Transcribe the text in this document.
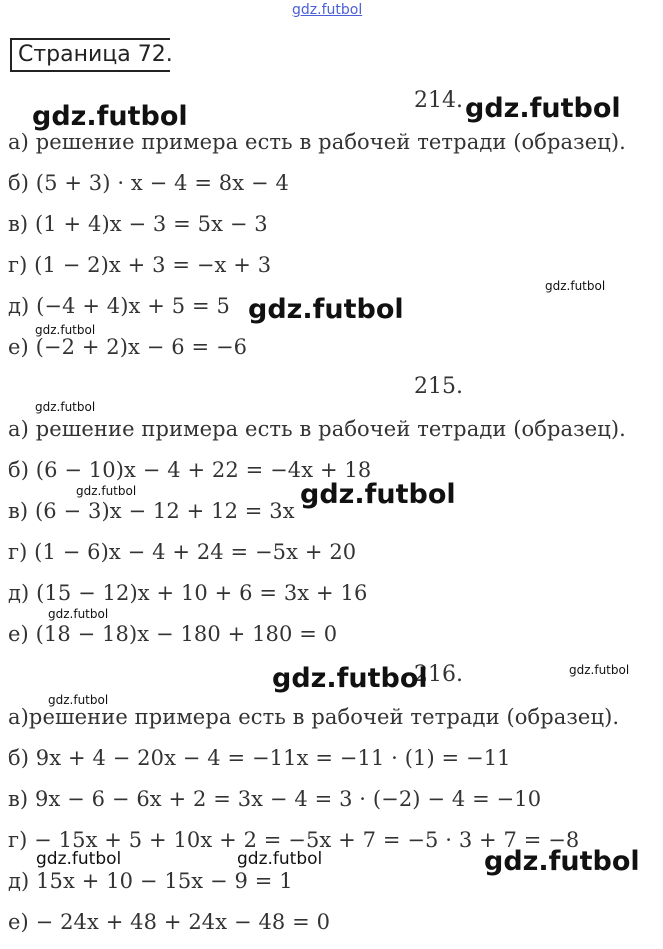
gdz.futbol
Страница 72.
214.
а) решение примера есть в рабочей тетради (образец).
б) (5 + 3) · x − 4 = 8x − 4
в) (1 + 4)x − 3 = 5x − 3
г) (1 − 2)x + 3 = −x + 3
д) (−4 + 4)x + 5 = 5
е) (−2 + 2)x − 6 = −6
215.
а) решение примера есть в рабочей тетради (образец).
б) (6 − 10)x − 4 + 22 = −4x + 18
в) (6 − 3)x − 12 + 12 = 3x
г) (1 − 6)x − 4 + 24 = −5x + 20
д) (15 − 12)x + 10 + 6 = 3x + 16
е) (18 − 18)x − 180 + 180 = 0
216.
а)решение примера есть в рабочей тетради (образец).
б) 9x + 4 − 20x − 4 = −11x = −11 · (1) = −11
в) 9x − 6 − 6x + 2 = 3x − 4 = 3 · (−2) − 4 = −10
г) − 15x + 5 + 10x + 2 = −5x + 7 = −5 · 3 + 7 = −8
д) 15x + 10 − 15x − 9 = 1
е) − 24x + 48 + 24x − 48 = 0
gdz.futbol	gdz.futbol
gdz.futbol
gdz.futbol
gdz.futbol
gdz.futbol
gdz.futbol	gdz.futbol
gdz.futbol
gdz.futbol	gdz.futbol
gdz.futbol
gdz.futbol	gdz.futbol	gdz.futbol
